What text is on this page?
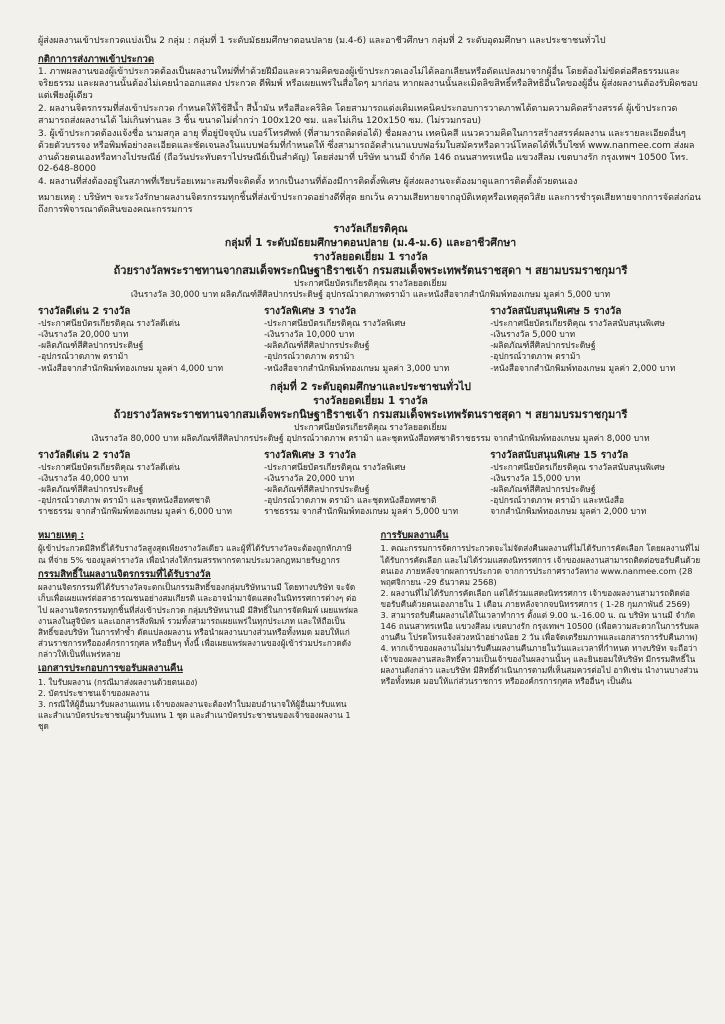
ผู้ส่งผลงานเข้าประกวดแบ่งเป็น 2 กลุ่ม : กลุ่มที่ 1 ระดับมัธยมศึกษาตอนปลาย (ม.4-6) และอาชีวศึกษา กลุ่มที่ 2 ระดับอุดมศึกษา และประชาชนทั่วไป

กติกาการส่งภาพเข้าประกวด

1. ภาพผลงานของผู้เข้าประกวดต้องเป็นผลงานใหม่ที่ทำด้วยฝีมือและความคิดของผู้เข้าประกวดเองไม่ได้ลอกเลียนหรือดัดแปลงมาจากผู้อื่น โดยต้องไม่ขัดต่อศีลธรรมและจริยธรรม และผลงานนั้นต้องไม่เคยนำออกแสดง ประกวด ตีพิมพ์ หรือเผยแพร่ในสื่อใดๆ มาก่อน หากผลงานนั้นละเมิดลิขสิทธิ์หรือสิทธิอื่นใดของผู้อื่น ผู้ส่งผลงานต้องรับผิดชอบแต่เพียงผู้เดียว

2. ผลงานจิตรกรรมที่ส่งเข้าประกวด กำหนดให้ใช้สีน้ำ สีน้ำมัน หรือสีอะคริลิค โดยสามารถแต่งเติมเทคนิคประกอบการวาดภาพได้ตามความคิดสร้างสรรค์ ผู้เข้าประกวดสามารถส่งผลงานได้ ไม่เกินท่านละ 3 ชิ้น ขนาดไม่ต่ำกว่า 100x120 ซม. และไม่เกิน 120x150 ซม. (ไม่รวมกรอบ)

3. ผู้เข้าประกวดต้องแจ้งชื่อ นามสกุล อายุ ที่อยู่ปัจจุบัน เบอร์โทรศัพท์ (ที่สามารถติดต่อได้) ชื่อผลงาน เทคนิคสี แนวความคิดในการสร้างสรรค์ผลงาน และรายละเอียดอื่นๆ ด้วยตัวบรรจง หรือพิมพ์อย่างละเอียดและชัดเจนลงในแบบฟอร์มที่กำหนดให้ ซึ่งสามารถอัดสำเนาแบบฟอร์มใบสมัครหรือดาวน์โหลดได้ที่เว็บไซท์ www.nanmee.com ส่งผลงานด้วยตนเองหรือทางไปรษณีย์ (ถือวันประทับตราไปรษณีย์เป็นสำคัญ) โดยส่งมาที่ บริษัท นานมี จำกัด 146 ถนนสาทรเหนือ แขวงสีลม เขตบางรัก กรุงเทพฯ 10500 โทร. 02-648-8000

4. ผลงานที่ส่งต้องอยู่ในสภาพที่เรียบร้อยเหมาะสมที่จะติดตั้ง หากเป็นงานที่ต้องมีการติดตั้งพิเศษ ผู้ส่งผลงานจะต้องมาดูแลการติดตั้งด้วยตนเอง

หมายเหตุ : บริษัทฯ จะระวังรักษาผลงานจิตรกรรมทุกชิ้นที่ส่งเข้าประกวดอย่างดีที่สุด ยกเว้น ความเสียหายจากอุบัติเหตุหรือเหตุสุดวิสัย และการชำรุดเสียหายจากการจัดส่งก่อนถึงการพิจารณาตัดสินของคณะกรรมการ

รางวัลเกียรติคุณ

กลุ่มที่ 1 ระดับมัธยมศึกษาตอนปลาย (ม.4-ม.6) และอาชีวศึกษา

รางวัลยอดเยี่ยม 1 รางวัล

ถ้วยรางวัลพระราชทานจากสมเด็จพระกนิษฐาธิราชเจ้า กรมสมเด็จพระเทพรัตนราชสุดา ฯ สยามบรมราชกุมารี

ประกาศนียบัตรเกียรติคุณ รางวัลยอดเยี่ยม

เงินรางวัล 30,000 บาท ผลิตภัณฑ์สีศิลปากรประดิษฐ์ อุปกรณ์วาดภาพตราม้า และหนังสือจากสำนักพิมพ์ทองเกษม มูลค่า 5,000 บาท

รางวัลดีเด่น 2 รางวัล

-ประกาศนียบัตรเกียรติคุณ รางวัลดีเด่น

-เงินรางวัล 20,000 บาท

-ผลิตภัณฑ์สีศิลปากรประดิษฐ์

-อุปกรณ์วาดภาพ ตราม้า

-หนังสือจากสำนักพิมพ์ทองเกษม มูลค่า 4,000 บาท

รางวัลพิเศษ 3 รางวัล

-ประกาศนียบัตรเกียรติคุณ รางวัลพิเศษ

-เงินรางวัล 10,000 บาท

-ผลิตภัณฑ์สีศิลปากรประดิษฐ์

-อุปกรณ์วาดภาพ ตราม้า

-หนังสือจากสำนักพิมพ์ทองเกษม มูลค่า 3,000 บาท

รางวัลสนับสนุนพิเศษ 5 รางวัล

-ประกาศนียบัตรเกียรติคุณ รางวัลสนับสนุนพิเศษ

-เงินรางวัล 5,000 บาท

-ผลิตภัณฑ์สีศิลปากรประดิษฐ์

-อุปกรณ์วาดภาพ ตราม้า

-หนังสือจากสำนักพิมพ์ทองเกษม มูลค่า 2,000 บาท

กลุ่มที่ 2 ระดับอุดมศึกษาและประชาชนทั่วไป

รางวัลยอดเยี่ยม 1 รางวัล

ถ้วยรางวัลพระราชทานจากสมเด็จพระกนิษฐาธิราชเจ้า กรมสมเด็จพระเทพรัตนราชสุดา ฯ สยามบรมราชกุมารี

ประกาศนียบัตรเกียรติคุณ รางวัลยอดเยี่ยม

เงินรางวัล 80,000 บาท ผลิตภัณฑ์สีศิลปากรประดิษฐ์ อุปกรณ์วาดภาพ ตราม้า และชุดหนังสือทศชาติราชธรรม จากสำนักพิมพ์ทองเกษม มูลค่า 8,000 บาท

รางวัลดีเด่น 2 รางวัล

-ประกาศนียบัตรเกียรติคุณ รางวัลดีเด่น

-เงินรางวัล 40,000 บาท

-ผลิตภัณฑ์สีศิลปากรประดิษฐ์

-อุปกรณ์วาดภาพ ตราม้า และชุดหนังสือทศชาติ

ราชธรรม จากสำนักพิมพ์ทองเกษม มูลค่า 6,000 บาท

รางวัลพิเศษ 3 รางวัล

-ประกาศนียบัตรเกียรติคุณ รางวัลพิเศษ

-เงินรางวัล 20,000 บาท

-ผลิตภัณฑ์สีศิลปากรประดิษฐ์

-อุปกรณ์วาดภาพ ตราม้า และชุดหนังสือทศชาติ

ราชธรรม จากสำนักพิมพ์ทองเกษม มูลค่า 5,000 บาท

รางวัลสนับสนุนพิเศษ 15 รางวัล

-ประกาศนียบัตรเกียรติคุณ รางวัลสนับสนุนพิเศษ

-เงินรางวัล 15,000 บาท

-ผลิตภัณฑ์สีศิลปากรประดิษฐ์

-อุปกรณ์วาดภาพ ตราม้า และหนังสือ

จากสำนักพิมพ์ทองเกษม มูลค่า 2,000 บาท

หมายเหตุ :

ผู้เข้าประกวดมีสิทธิ์ได้รับรางวัลสูงสุดเพียงรางวัลเดียว และผู้ที่ได้รับรางวัลจะต้องถูกหักภาษี ณ ที่จ่าย 5% ของมูลค่ารางวัล เพื่อนำส่งให้กรมสรรพากรตามประมวลกฎหมายรัษฎากร

กรรมสิทธิ์ในผลงานจิตรกรรมที่ได้รับรางวัล

ผลงานจิตรกรรมที่ได้รับรางวัลจะตกเป็นกรรมสิทธิ์ของกลุ่มบริษัทนานมี โดยทางบริษัท จะจัดเก็บเพื่อเผยแพร่ต่อสาธารณชนอย่างสมเกียรติ และอาจนำมาจัดแสดงในนิทรรศการต่างๆ ต่อไป ผลงานจิตรกรรมทุกชิ้นที่ส่งเข้าประกวด กลุ่มบริษัทนานมี มีสิทธิ์ในการจัดพิมพ์ เผยแพร่ผลงานลงในสูจิบัตร และเอกสารสิ่งพิมพ์ รวมทั้งสามารถเผยแพร่ในทุกประเภท และให้ถือเป็นสิทธิ์ของบริษัท ในการทำซ้ำ ดัดแปลงผลงาน หรือนำผลงานบางส่วนหรือทั้งหมด มอบให้แก่ส่วนราชการหรือองค์กรการกุศล หรือยื่นๆ ทั้งนี้ เพื่อเผยแพร่ผลงานของผู้เข้าร่วมประกวดดังกล่าวให้เป็นที่แพร่หลาย

เอกสารประกอบการขอรับผลงานคืน

1. ใบรับผลงาน (กรณีมาส่งผลงานด้วยตนเอง)

2. บัตรประชาชนเจ้าของผลงาน

3. กรณีให้ผู้อื่นมารับผลงานแทน เจ้าของผลงานจะต้องทำใบมอบอำนาจให้ผู้อื่นมารับแทน และสำเนาบัตรประชาชนผู้มารับแทน 1 ชุด และสำเนาบัตรประชาชนของเจ้าของผลงาน 1 ชุด

การรับผลงานคืน

1. คณะกรรมการจัดการประกวดจะไม่จัดส่งคืนผลงานที่ไม่ได้รับการคัดเลือก โดยผลงานที่ไม่ได้รับการคัดเลือก และไม่ได้ร่วมแสดงนิทรรศการ เจ้าของผลงานสามารถติดต่อขอรับคืนด้วยตนเอง ภายหลังจากผลการประกวด จากการประกาศรางวัลทาง www.nanmee.com (28 พฤศจิกายน -29 ธันวาคม 2568)

2. ผลงานที่ไม่ได้รับการคัดเลือก แต่ได้ร่วมแสดงนิทรรศการ เจ้าของผลงานสามารถติดต่อขอรับคืนด้วยตนเองภายใน 1 เดือน ภายหลังจากจบนิทรรศการ ( 1-28 กุมภาพันธ์ 2569)

3. สามารถรับคืนผลงานได้ในเวลาทำการ ตั้งแต่ 9.00 น.-16.00 น. ณ บริษัท นานมี จำกัด 146 ถนนสาทรเหนือ แขวงสีลม เขตบางรัก กรุงเทพฯ 10500 (เพื่อความสะดวกในการรับผลงานคืน โปรดโทรแจ้งล่วงหน้าอย่างน้อย 2 วัน เพื่อจัดเตรียมภาพและเอกสารการรับคืนภาพ)

4. หากเจ้าของผลงานไม่มารับคืนผลงานคืนภายในวันและเวลาที่กำหนด ทางบริษัท จะถือว่าเจ้าของผลงานสละสิทธิ์ความเป็นเจ้าของในผลงานนั้นๆ และยินยอมให้บริษัท มีกรรมสิทธิ์ในผลงานดังกล่าว และบริษัท มีสิทธิ์ดำเนินการตามที่เห็นสมควรต่อไป อาทิเช่น นำงานบางส่วน หรือทั้งหมด มอบให้แก่ส่วนราชการ หรือองค์กรการกุศล หรืออื่นๆ เป็นต้น
